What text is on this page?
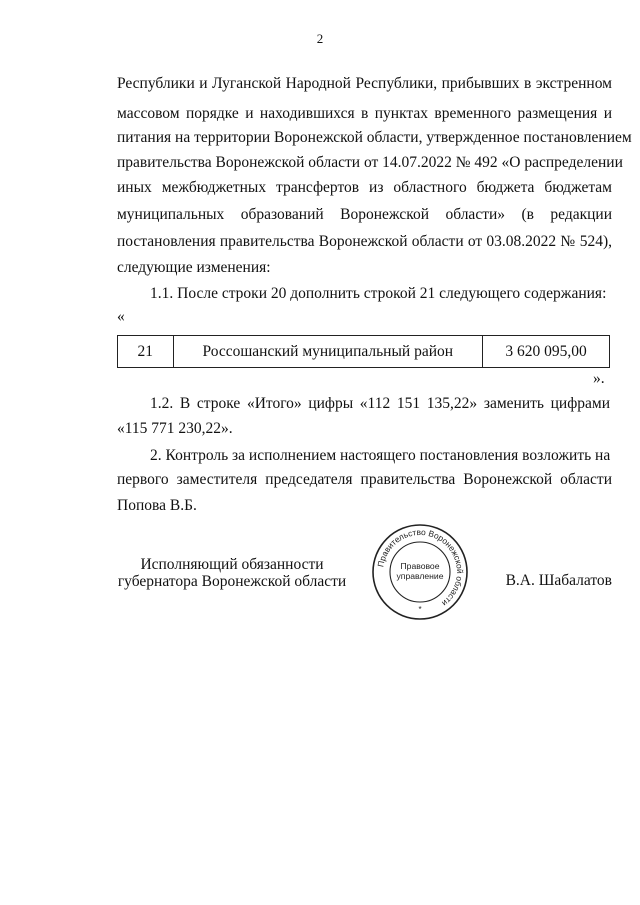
2
Республики и Луганской Народной Республики, прибывших в экстренном
массовом порядке и находившихся в пунктах временного размещения и
питания на территории Воронежской области, утвержденное постановлением
правительства Воронежской области от 14.07.2022 № 492 «О распределении
иных межбюджетных трансфертов из областного бюджета бюджетам
муниципальных образований Воронежской области» (в редакции
постановления правительства Воронежской области от 03.08.2022 № 524),
следующие изменения:
1.1. После строки 20 дополнить строкой 21 следующего содержания:
«
21	Россошанский муниципальный район	3 620 095,00
».
1.2. В строке «Итого» цифры «112 151 135,22» заменить цифрами
«115 771 230,22».
2. Контроль за исполнением настоящего постановления возложить на
первого заместителя председателя правительства Воронежской области
Попова В.Б.
Исполняющий обязанности
губернатора Воронежской области
Правительство Воронежской области
Правовое
управление
*
В.А. Шабалатов
